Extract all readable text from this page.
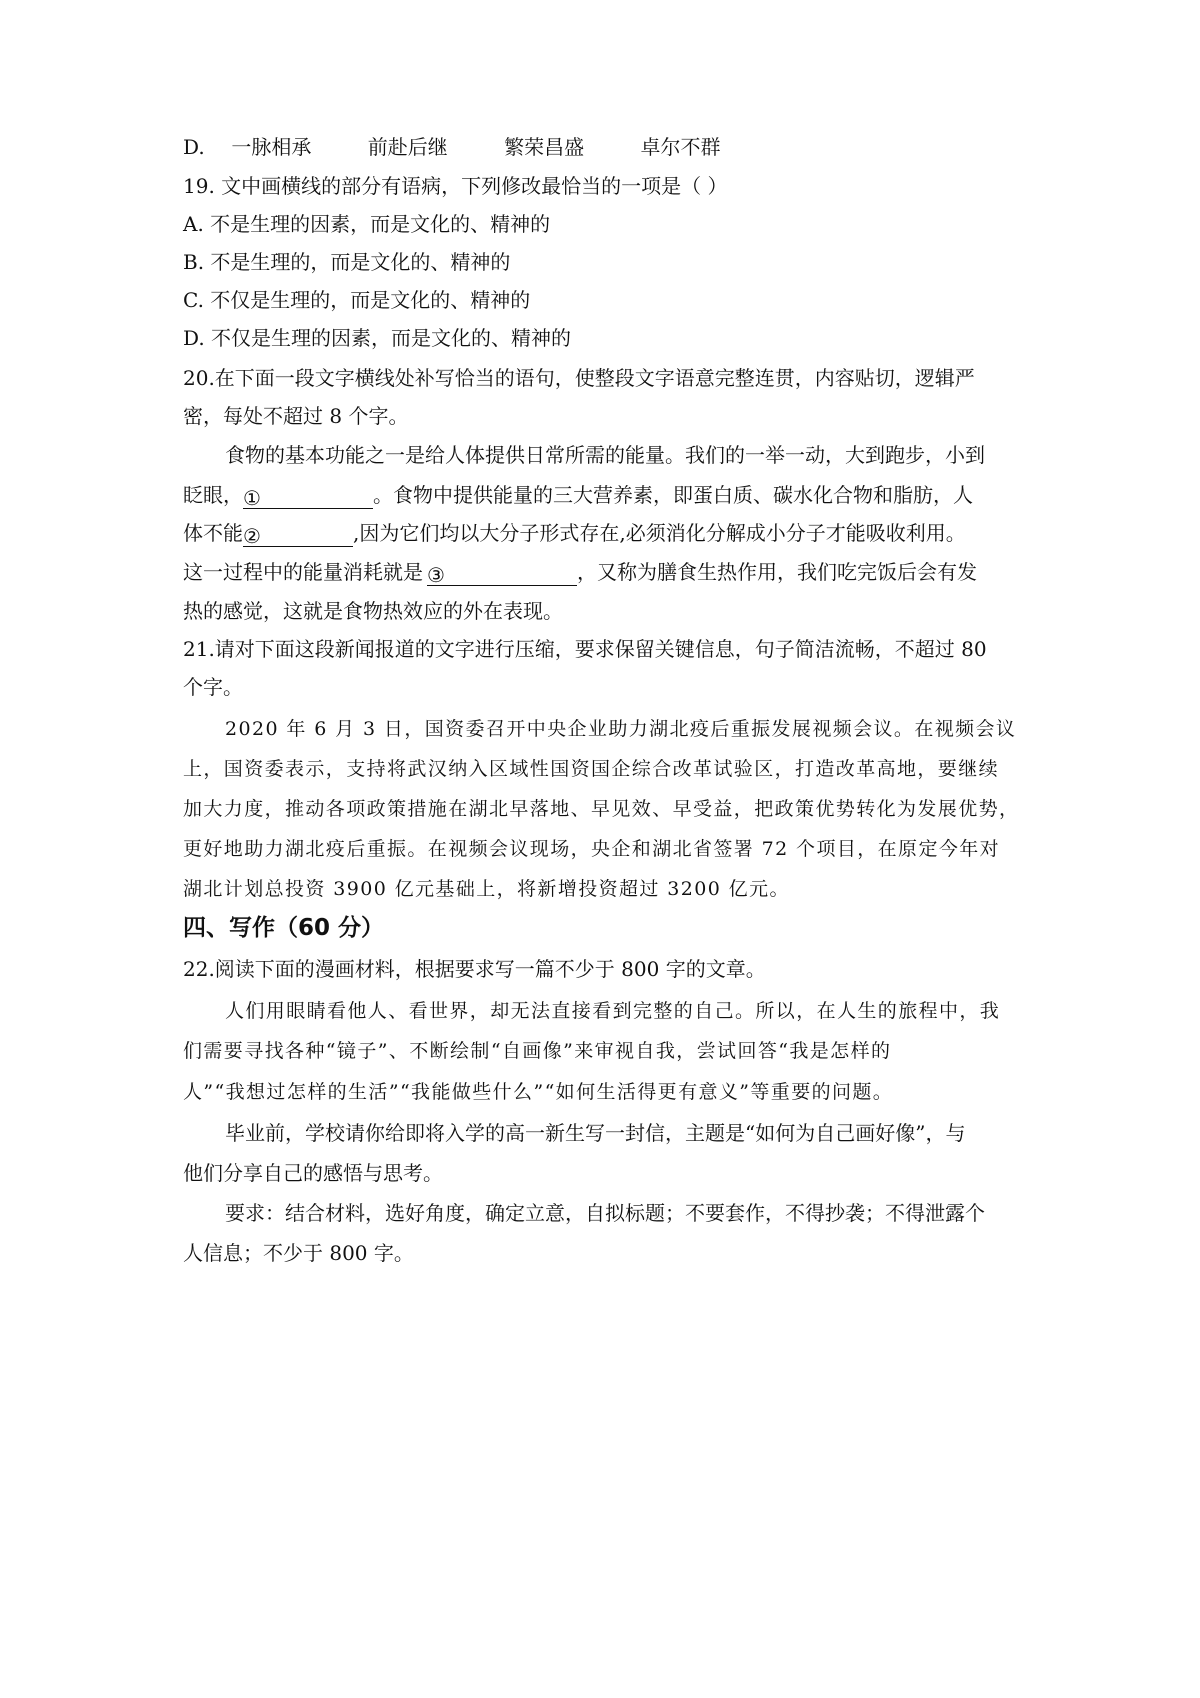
D. 一脉相承	前赴后继	繁荣昌盛	卓尔不群
19. 文中画横线的部分有语病，下列修改最恰当的一项是（ ）
A. 不是生理的因素，而是文化的、精神的
B. 不是生理的，而是文化的、精神的
C. 不仅是生理的，而是文化的、精神的
D. 不仅是生理的因素，而是文化的、精神的
20.在下面一段文字横线处补写恰当的语句，使整段文字语意完整连贯，内容贴切，逻辑严
密，每处不超过 8 个字。
食物的基本功能之一是给人体提供日常所需的能量。我们的一举一动，大到跑步，小到
眨眼，①	。食物中提供能量的三大营养素，即蛋白质、碳水化合物和脂肪，人
体不能②	,因为它们均以大分子形式存在,必须消化分解成小分子才能吸收利用。
这一过程中的能量消耗就是 ③	，又称为膳食生热作用，我们吃完饭后会有发
热的感觉，这就是食物热效应的外在表现。
21.请对下面这段新闻报道的文字进行压缩，要求保留关键信息，句子简洁流畅，不超过 80
个字。
2020 年 6 月 3 日，国资委召开中央企业助力湖北疫后重振发展视频会议。在视频会议
上，国资委表示，支持将武汉纳入区域性国资国企综合改革试验区，打造改革高地，要继续
加大力度，推动各项政策措施在湖北早落地、早见效、早受益，把政策优势转化为发展优势，
更好地助力湖北疫后重振。在视频会议现场，央企和湖北省签署 72 个项目，在原定今年对
湖北计划总投资 3900 亿元基础上，将新增投资超过 3200 亿元。
四、写作（60 分）
22.阅读下面的漫画材料，根据要求写一篇不少于 800 字的文章。
人们用眼睛看他人、看世界，却无法直接看到完整的自己。所以，在人生的旅程中，我
们需要寻找各种“镜子”、不断绘制“自画像”来审视自我，尝试回答“我是怎样的
人”“我想过怎样的生活”“我能做些什么”“如何生活得更有意义”等重要的问题。
毕业前，学校请你给即将入学的高一新生写一封信，主题是“如何为自己画好像”，与
他们分享自己的感悟与思考。
要求：结合材料，选好角度，确定立意，自拟标题；不要套作，不得抄袭；不得泄露个
人信息；不少于 800 字。
